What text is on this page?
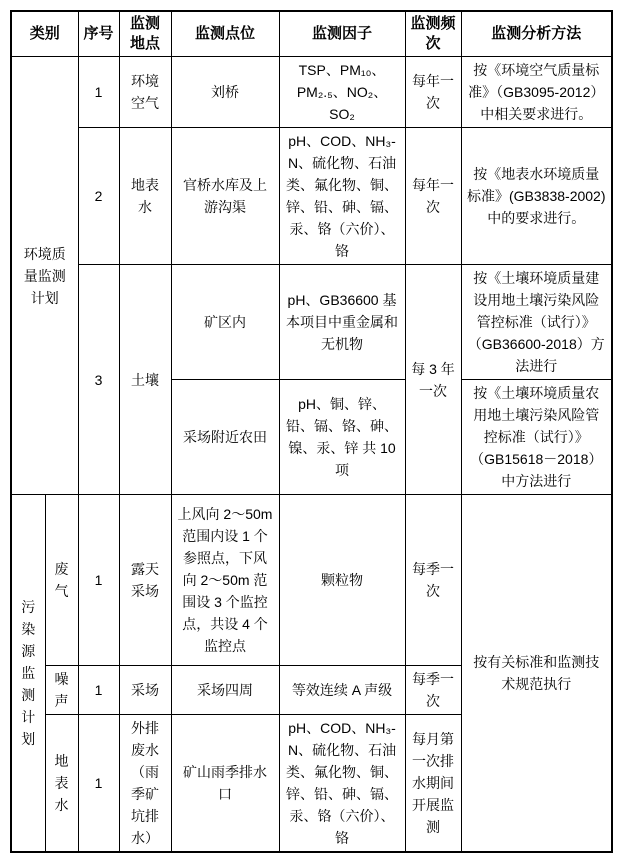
类别		序号	监测地点	监测点位	监测因子	监测频次	监测分析方法
环境质量监测计划		1	环境空气	刘桥	TSP、PM₁₀、PM₂.₅、NO₂、SO₂	每年一次	按《环境空气质量标准》（GB3095-2012）中相关要求进行。
		2	地表水	官桥水库及上游沟渠	pH、COD、NH₃-N、硫化物、石油类、氟化物、铜、锌、铅、砷、镉、汞、铬（六价）、铬	每年一次	按《地表水环境质量标准》(GB3838-2002)中的要求进行。
		3	土壤	矿区内	pH、GB36600 基本项目中重金属和无机物	每 3 年一次	按《土壤环境质量建设用地土壤污染风险管控标准（试行）》（GB36600-2018）方法进行
				采场附近农田	pH、铜、锌、铅、镉、铬、砷、镍、汞、锌 共 10 项		按《土壤环境质量农用地土壤污染风险管控标准（试行）》（GB15618－2018）中方法进行
污染源监测计划	废气	1	露天采场	上风向 2～50m 范围内设 1 个参照点，下风向 2～50m 范围设 3 个监控点，共设 4 个监控点	颗粒物	每季一次	按有关标准和监测技术规范执行
	噪声	1	采场	采场四周	等效连续 A 声级	每季一次	
	地表水	1	外排废水（雨季矿坑排水）	矿山雨季排水口	pH、COD、NH₃-N、硫化物、石油类、氟化物、铜、锌、铅、砷、镉、汞、铬（六价）、铬	每月第一次排水期间开展监测	
